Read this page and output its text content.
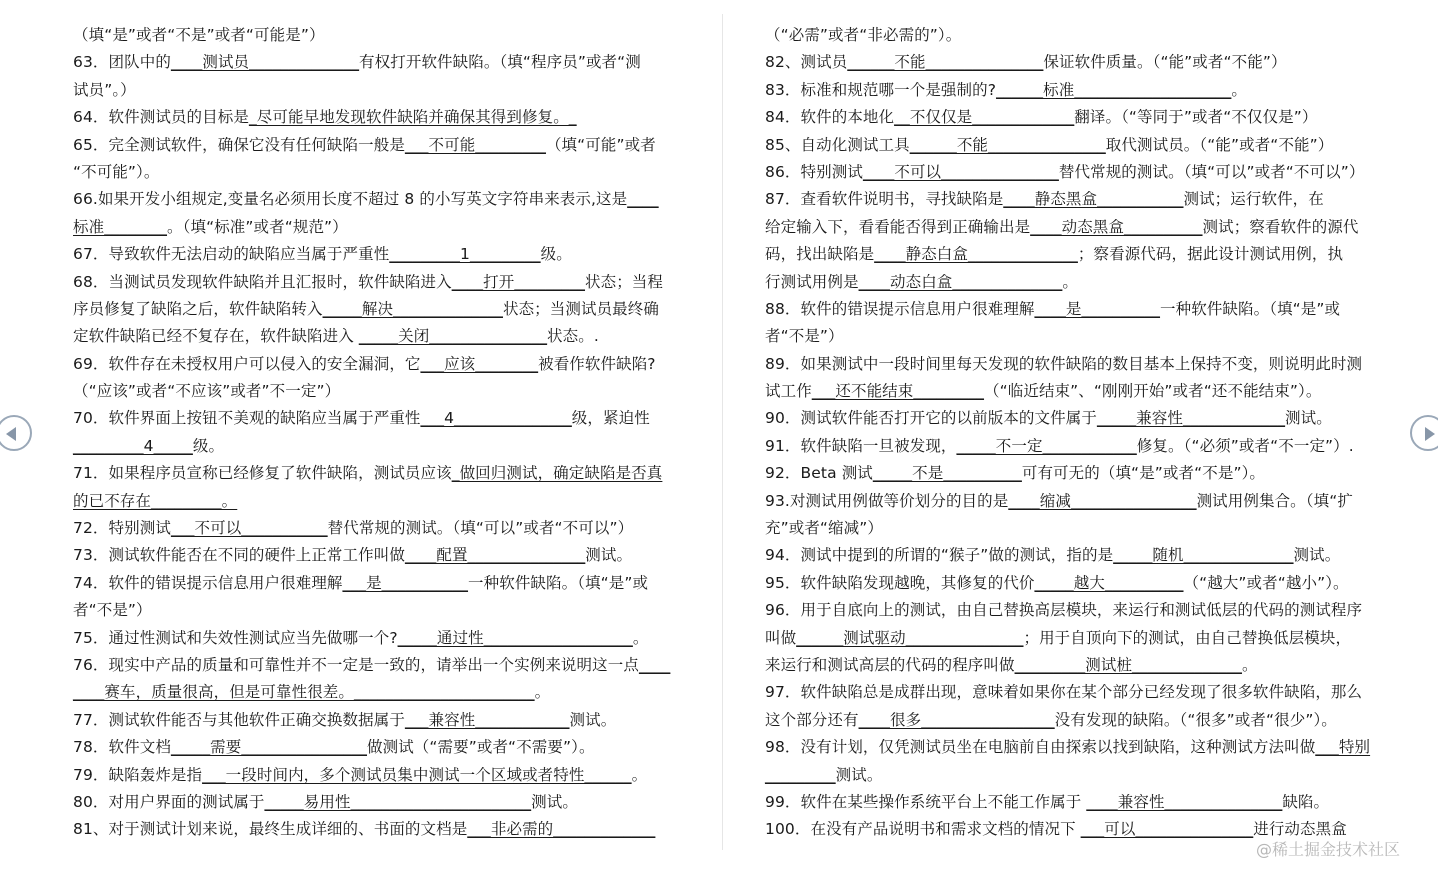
（填“是”或者“不是”或者“可能是”）
63．团队中的____测试员______________有权打开软件缺陷。（填“程序员”或者“测
试员”。）
64．软件测试员的目标是_尽可能早地发现软件缺陷并确保其得到修复。_
65．完全测试软件，确保它没有任何缺陷一般是___不可能_________（填“可能”或者
“不可能”）。
66.如果开发小组规定,变量名必须用长度不超过 8 的小写英文字符串来表示,这是____
标准________。（填“标准”或者“规范”）
67．导致软件无法启动的缺陷应当属于严重性_________1_________级。
68．当测试员发现软件缺陷并且汇报时，软件缺陷进入____打开_________状态；当程
序员修复了缺陷之后，软件缺陷转入_____解决______________状态；当测试员最终确
定软件缺陷已经不复存在，软件缺陷进入 _____关闭_______________状态。.
69．软件存在未授权用户可以侵入的安全漏洞，它___应该________被看作软件缺陷?
（“应该”或者“不应该”或者”不一定”）
70．软件界面上按钮不美观的缺陷应当属于严重性___4_______________级，紧迫性
_________4_____级。
71．如果程序员宣称已经修复了软件缺陷，测试员应该_做回归测试，确定缺陷是否真
的已不存在_________。
72．特别测试___不可以___________替代常规的测试。（填“可以”或者“不可以”）
73．测试软件能否在不同的硬件上正常工作叫做____配置_______________测试。
74．软件的错误提示信息用户很难理解___是___________一种软件缺陷。（填“是”或
者“不是”）
75．通过性测试和失效性测试应当先做哪一个?_____通过性___________________。
76．现实中产品的质量和可靠性并不一定是一致的，请举出一个实例来说明这一点____
____赛车，质量很高，但是可靠性很差。_______________________。
77．测试软件能否与其他软件正确交换数据属于___兼容性____________测试。
78．软件文档_____需要________________做测试（“需要”或者“不需要”）。
79．缺陷轰炸是指___一段时间内，多个测试员集中测试一个区域或者特性______。
80．对用户界面的测试属于_____易用性_______________________测试。
81、对于测试计划来说，最终生成详细的、书面的文档是___非必需的_____________
（“必需”或者“非必需的”）。
82、测试员______不能_______________保证软件质量。（“能”或者“不能”）
83．标准和规范哪一个是强制的?______标准____________________。
84．软件的本地化__不仅仅是_____________翻译。（“等同于”或者“不仅仅是”）
85、自动化测试工具______不能_______________取代测试员。（“能”或者“不能”）
86．特别测试____不可以_______________替代常规的测试。（填“可以”或者“不可以”）
87．查看软件说明书，寻找缺陷是____静态黑盒___________测试；运行软件，在
给定输入下，看看能否得到正确输出是____动态黑盒__________测试；察看软件的源代
码，找出缺陷是____静态白盒______________；察看源代码，据此设计测试用例，执
行测试用例是____动态白盒______________。
88．软件的错误提示信息用户很难理解____是__________一种软件缺陷。（填“是”或
者“不是”）
89．如果测试中一段时间里每天发现的软件缺陷的数目基本上保持不变，则说明此时测
试工作___还不能结束_________（“临近结束”、“刚刚开始”或者“还不能结束”）。
90．测试软件能否打开它的以前版本的文件属于_____兼容性_____________测试。
91．软件缺陷一旦被发现，_____不一定____________修复。（“必须”或者“不一定”）.
92．Beta 测试_____不是__________可有可无的（填“是”或者“不是”）。
93.对测试用例做等价划分的目的是____缩减________________测试用例集合。（填“扩
充”或者“缩减”）
94．测试中提到的所谓的“猴子”做的测试，指的是_____随机______________测试。
95．软件缺陷发现越晚，其修复的代价_____越大__________（“越大”或者“越小”）。
96．用于自底向上的测试，由自己替换高层模块，来运行和测试低层的代码的测试程序
叫做______测试驱动_______________；用于自顶向下的测试，由自己替换低层模块，
来运行和测试高层的代码的程序叫做_________测试桩______________。
97．软件缺陷总是成群出现，意味着如果你在某个部分已经发现了很多软件缺陷，那么
这个部分还有____很多_________________没有发现的缺陷。（“很多”或者“很少”）。
98．没有计划，仅凭测试员坐在电脑前自由探索以找到缺陷，这种测试方法叫做___特别
_________测试。
99．软件在某些操作系统平台上不能工作属于 ____兼容性_______________缺陷。
100．在没有产品说明书和需求文档的情况下 ___可以_______________进行动态黑盒
@稀土掘金技术社区
